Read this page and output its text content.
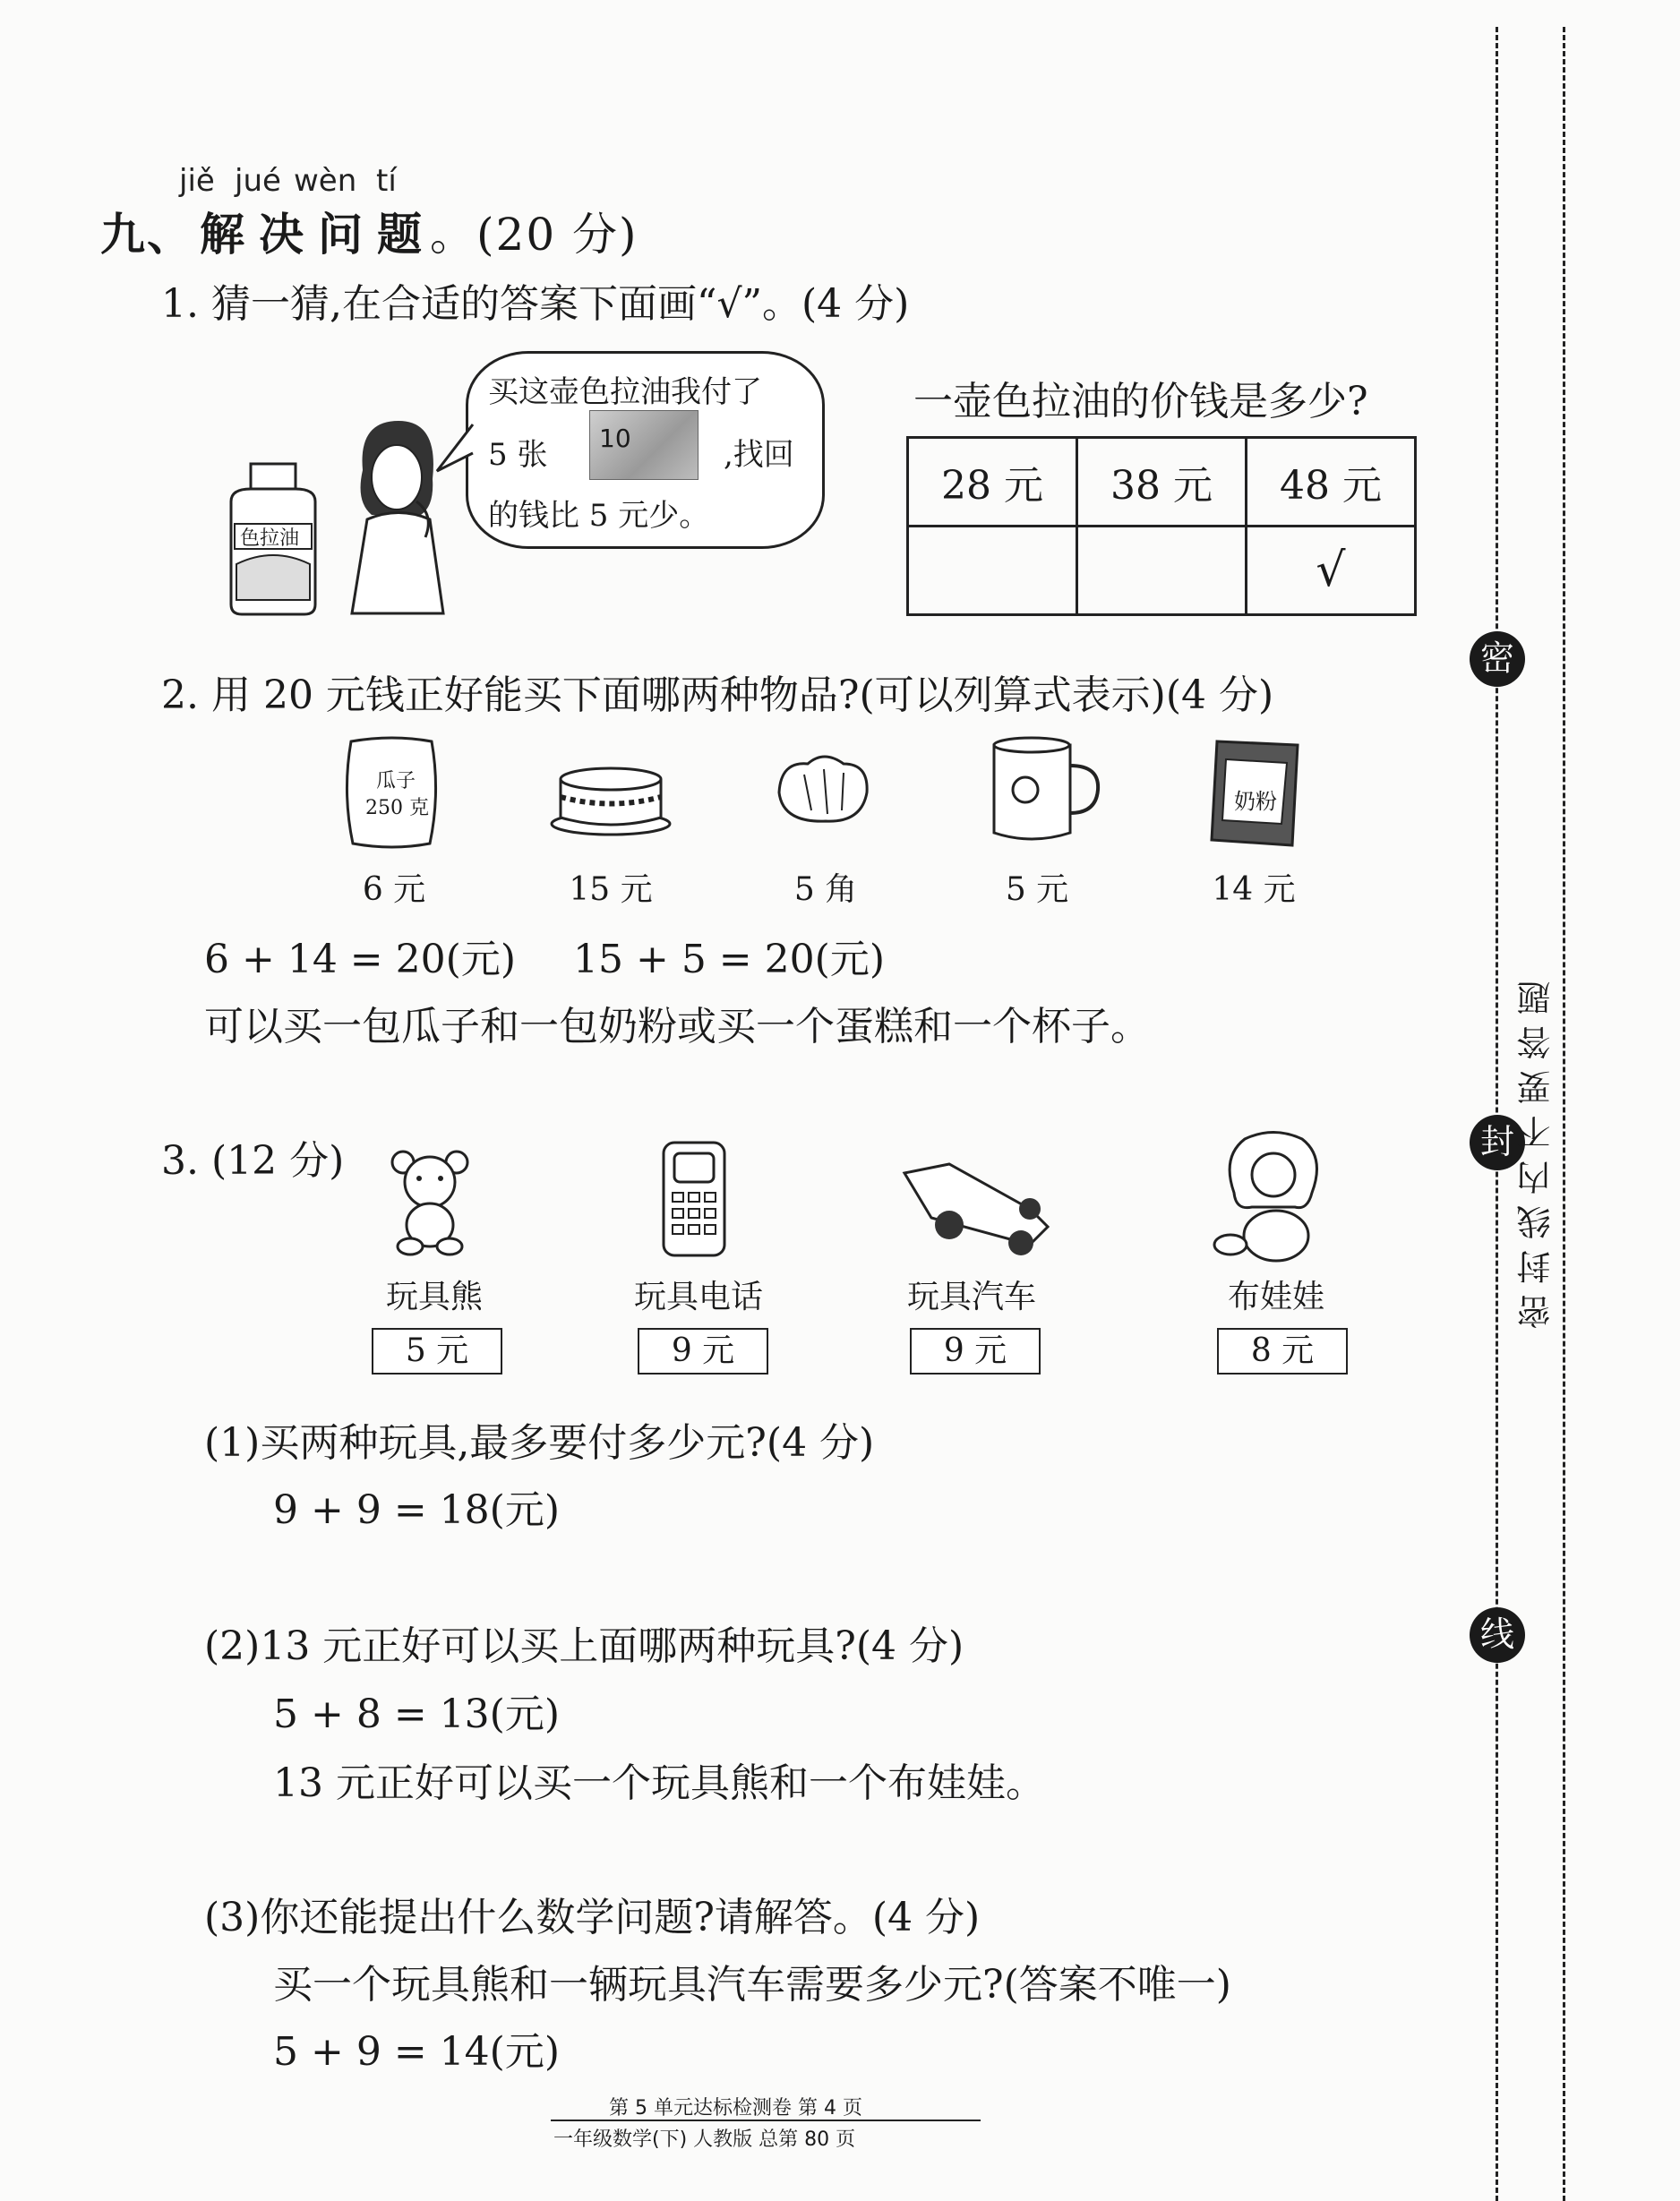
jiě jué wèn tí
九、 解 决 问 题 。(20 分)
1. 猜一猜,在合适的答案下面画“√”。(4 分)
色拉油
买这壶色拉油我付了
5 张 10	,找回
的钱比 5 元少。
一壶色拉油的价钱是多少?
28 元	38 元	48 元
		√
2. 用 20 元钱正好能买下面哪两种物品?(可以列算式表示)(4 分)
瓜子
250 克	奶粉
6 元	15 元	5 角	5 元	14 元
6 + 14 = 20(元) 15 + 5 = 20(元)
可以买一包瓜子和一包奶粉或买一个蛋糕和一个杯子。
3. (12 分)
玩具熊	玩具电话	玩具汽车	布娃娃
5 元	9 元	9 元	8 元
(1)买两种玩具,最多要付多少元?(4 分)
9 + 9 = 18(元)
(2)13 元正好可以买上面哪两种玩具?(4 分)
5 + 8 = 13(元)
13 元正好可以买一个玩具熊和一个布娃娃。
(3)你还能提出什么数学问题?请解答。(4 分)
买一个玩具熊和一辆玩具汽车需要多少元?(答案不唯一)
5 + 9 = 14(元)
第 5 单元达标检测卷 第 4 页
一年级数学(下) 人教版 总第 80 页
密
封
线
密 封 线 内 不 要 答 题
